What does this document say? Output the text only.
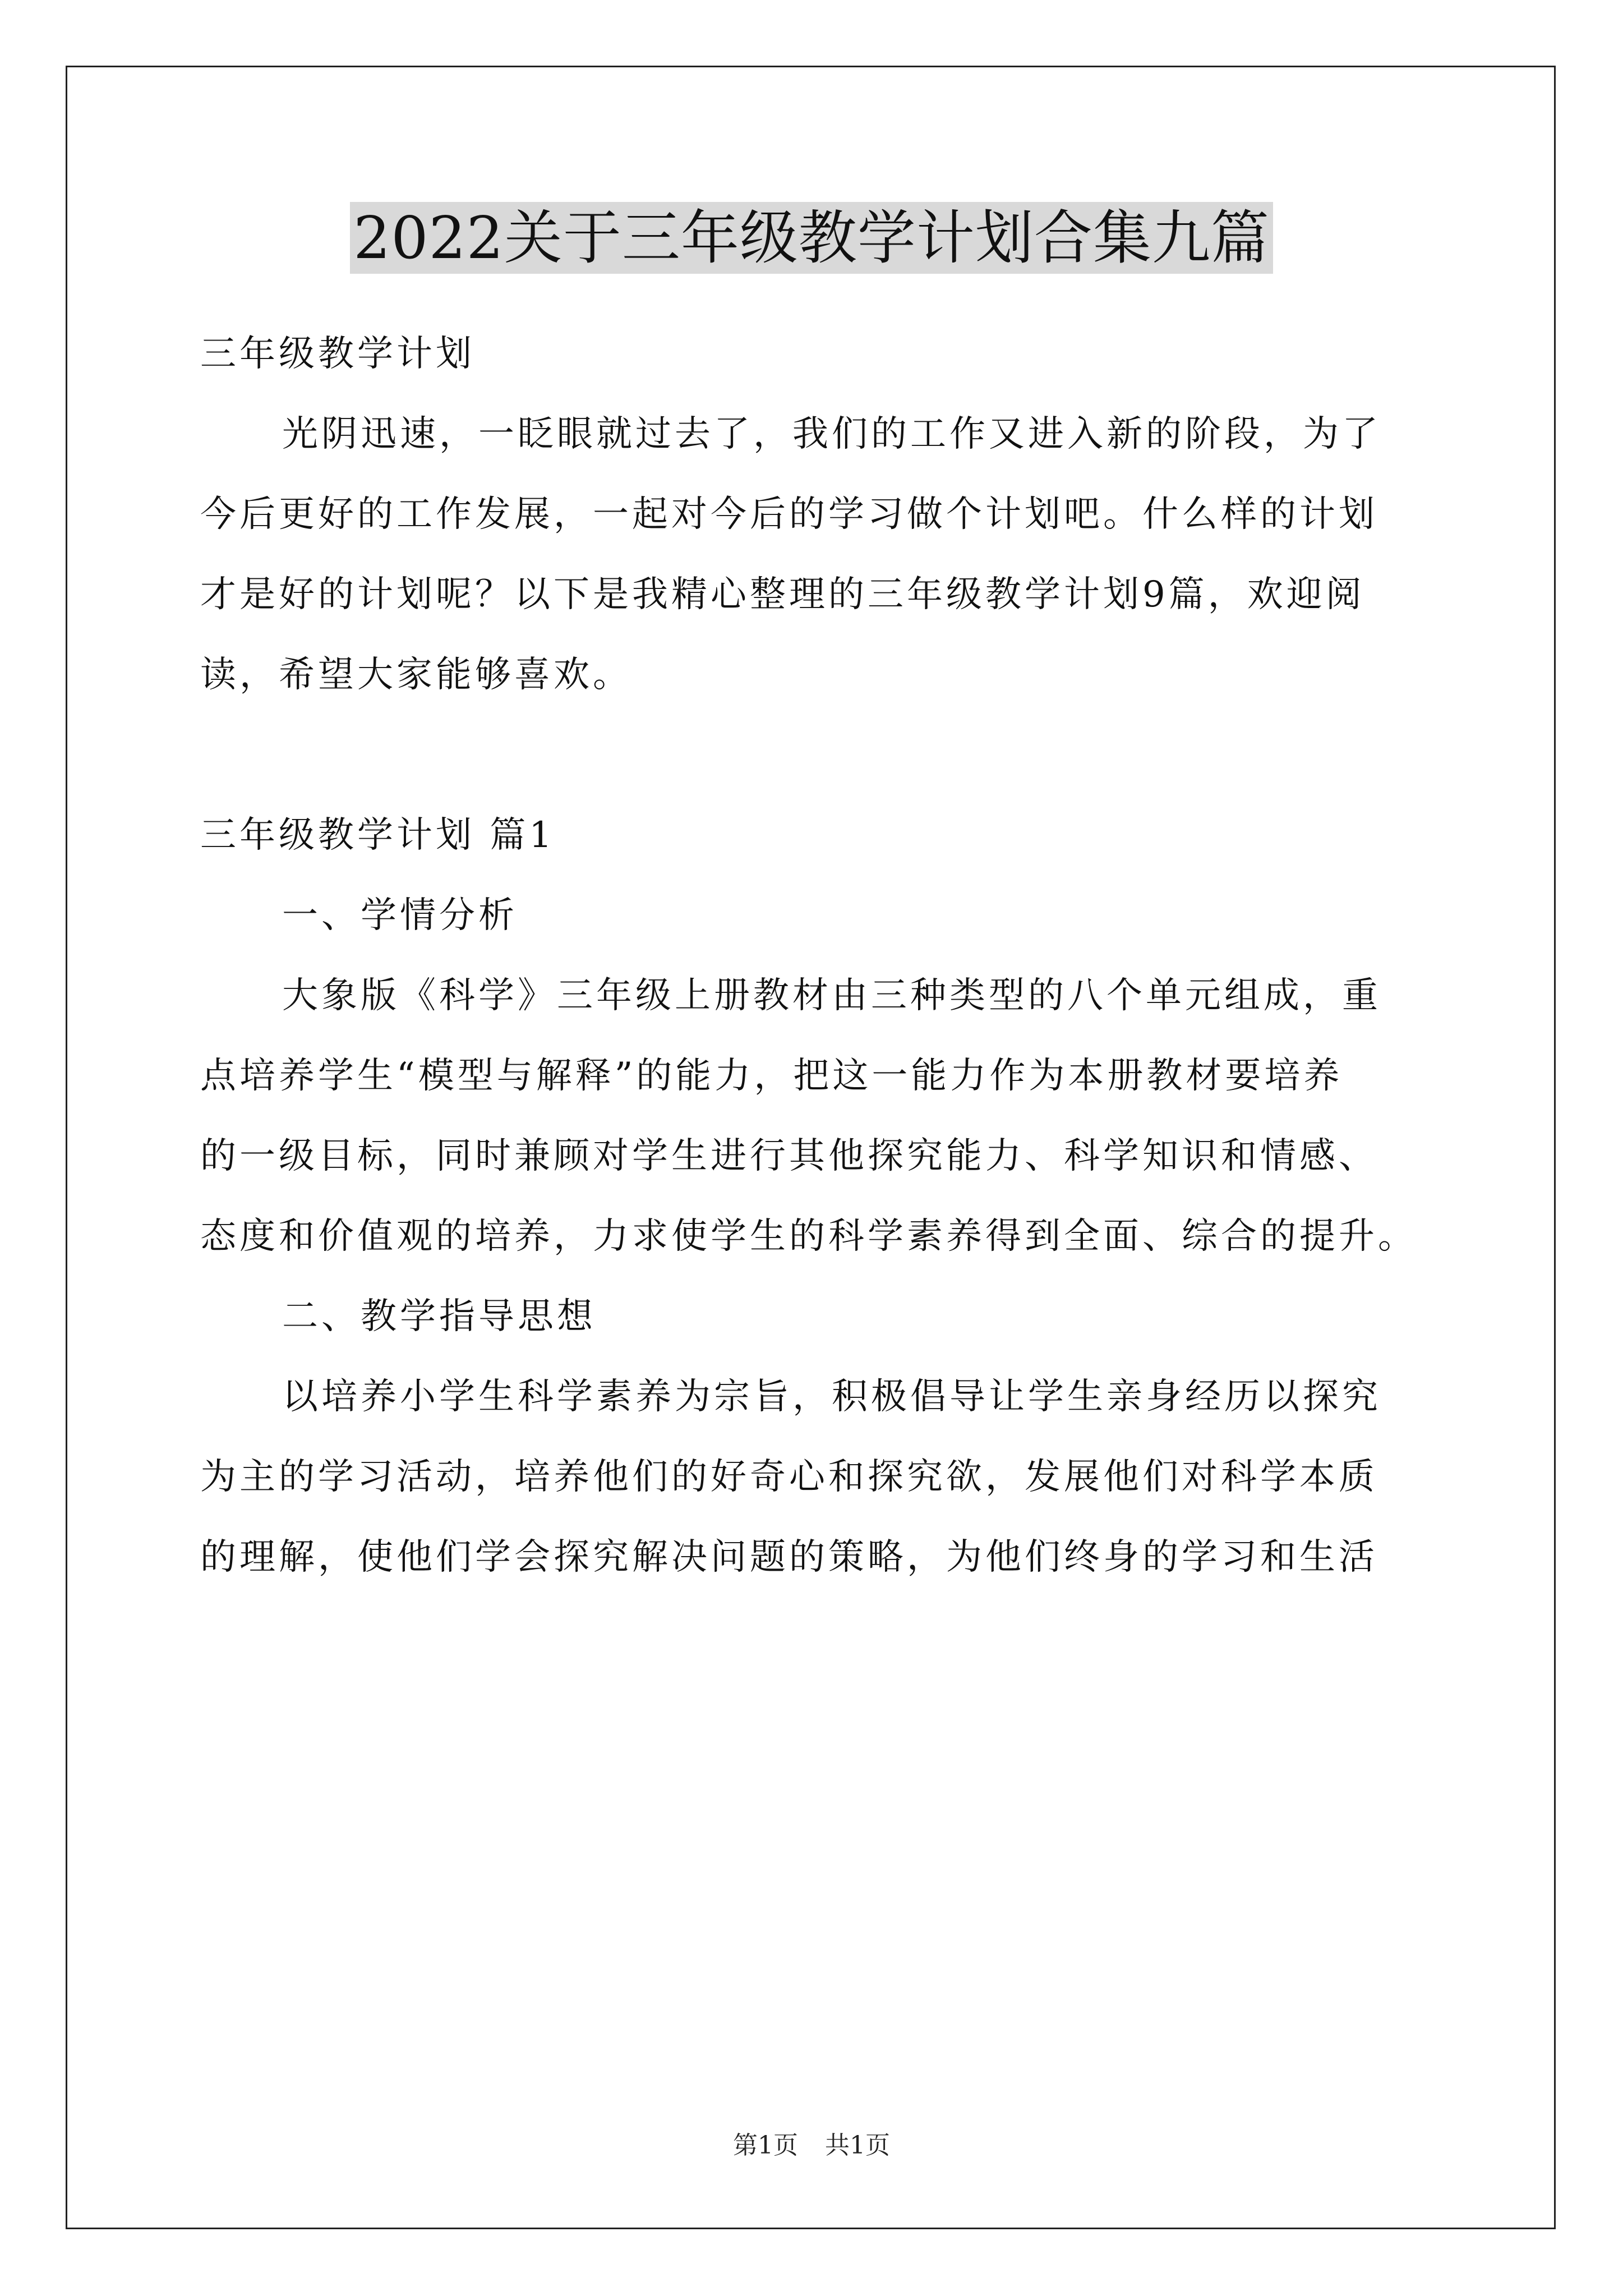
2022关于三年级教学计划合集九篇
三年级教学计划
光阴迅速，一眨眼就过去了，我们的工作又进入新的阶段，为了
今后更好的工作发展，一起对今后的学习做个计划吧。什么样的计划
才是好的计划呢？以下是我精心整理的三年级教学计划9篇，欢迎阅
读，希望大家能够喜欢。
三年级教学计划 篇1
一、学情分析
大象版《科学》三年级上册教材由三种类型的八个单元组成，重
点培养学生“模型与解释”的能力，把这一能力作为本册教材要培养
的一级目标，同时兼顾对学生进行其他探究能力、科学知识和情感、
态度和价值观的培养，力求使学生的科学素养得到全面、综合的提升。
二、教学指导思想
以培养小学生科学素养为宗旨，积极倡导让学生亲身经历以探究
为主的学习活动，培养他们的好奇心和探究欲，发展他们对科学本质
的理解，使他们学会探究解决问题的策略，为他们终身的学习和生活
第1页 共1页
